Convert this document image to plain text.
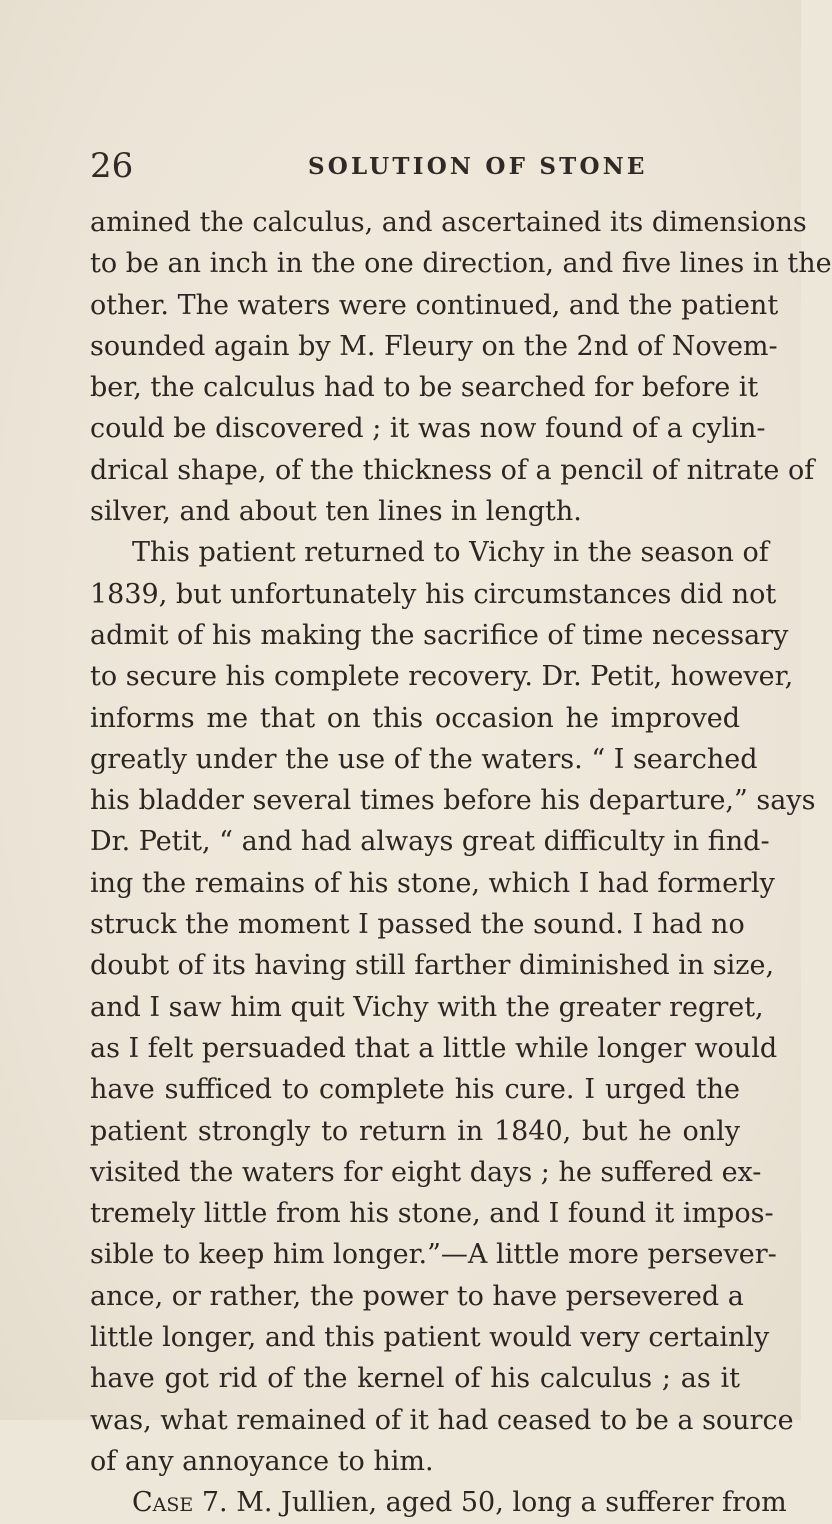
26	SOLUTION OF STONE
amined the calculus, and ascertained its dimensions
to be an inch in the one direction, and five lines in the
other. The waters were continued, and the patient
sounded again by M. Fleury on the 2nd of Novem-
ber, the calculus had to be searched for before it
could be discovered ; it was now found of a cylin-
drical shape, of the thickness of a pencil of nitrate of
silver, and about ten lines in length.
This patient returned to Vichy in the season of
1839, but unfortunately his circumstances did not
admit of his making the sacrifice of time necessary
to secure his complete recovery. Dr. Petit, however,
informs me that on this occasion he improved
greatly under the use of the waters. “ I searched
his bladder several times before his departure,” says
Dr. Petit, “ and had always great difficulty in find-
ing the remains of his stone, which I had formerly
struck the moment I passed the sound. I had no
doubt of its having still farther diminished in size,
and I saw him quit Vichy with the greater regret,
as I felt persuaded that a little while longer would
have sufficed to complete his cure. I urged the
patient strongly to return in 1840, but he only
visited the waters for eight days ; he suffered ex-
tremely little from his stone, and I found it impos-
sible to keep him longer.”—A little more persever-
ance, or rather, the power to have persevered a
little longer, and this patient would very certainly
have got rid of the kernel of his calculus ; as it
was, what remained of it had ceased to be a source
of any annoyance to him.
Case 7. M. Jullien, aged 50, long a sufferer from
